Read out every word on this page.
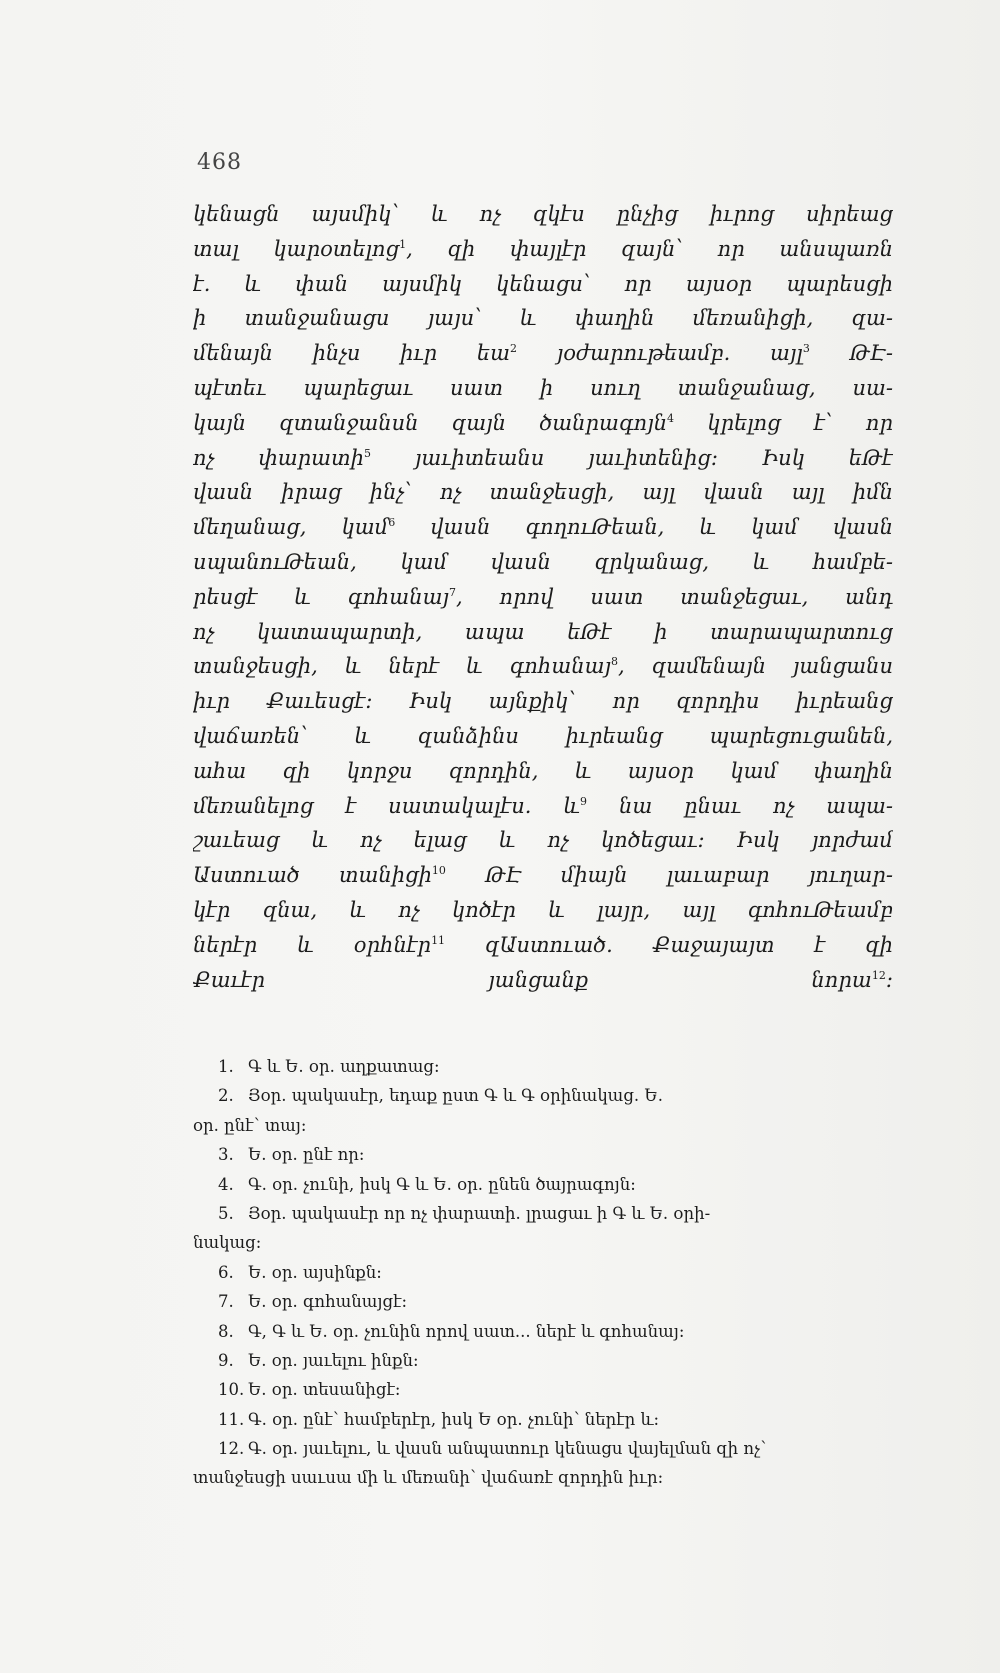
468
կենացն այսմիկ՝ և ոչ զկէս ընչից իւրոց սիրեաց
տալ կարօտելոց$^1$, զի փայլէր զայն՝ որ անսպառն
է. և փան այսմիկ կենացս՝ որ այսօր պարեսցի
ի տանջանացս յայս՝ և փաղին մեռանիցի, զա-
մենայն ինչս իւր եա$^2$ յօժարութեամբ. այլ$^3$ ԹԷ-
պէտեւ պարեցաւ սատ ի սուղ տանջանաց, սա-
կայն զտանջանսն զայն ծանրագոյն$^4$ կրելոց է՝ որ
ոչ փարատի$^5$ յաւիտեանս յաւիտենից։ Իսկ եԹէ
վասն իրաց ինչ՝ ոչ տանջեսցի, այլ վասն այլ իմն
մեղանաց, կամ$^6$ վասն գողուԹեան, և կամ վասն
սպանուԹեան, կամ վասն զրկանաց, և համբե-
րեսցէ և գոհանայ$^7$, որով սատ տանջեցաւ, անդ
ոչ կատապարտի, ապա եԹէ ի տարապարտուց
տանջեսցի, և ներէ և գոհանայ$^8$, զամենայն յանցանս
իւր Քաւեսցէ։ Իսկ այնքիկ՝ որ զորդիս իւրեանց
վաճառեն՝ և զանձինս իւրեանց պարեցուցանեն,
ահա զի կորջս զորդին, և այսօր կամ փաղին
մեռանելոց է սատակալէս. և$^9$ նա ընաւ ոչ ապա-
շաւեաց և ոչ ելաց և ոչ կոծեցաւ։ Իսկ յորժամ
Աստուած տանիցի$^{10}$ ԹԷ միայն լաւաբար յուղար-
կէր զնա, և ոչ կոծէր և լայր, այլ գոհուԹեամբ
ներէր և օրհնէր$^{11}$ զԱստուած. Քաջայայտ է զի
Քաւէր յանցանք նորա$^{12}$։
1. Գ և Ե. օր. աղքատաց։
2. Յօր. պակասէր, եդաք ըստ Գ և Գ օրինակաց. Ե.
օր. ընէ՝ տայ։
3. Ե. օր. ընէ որ։
4. Գ. օր. չունի, իսկ Գ և Ե. օր. ընեն ծայրագոյն։
5. Յօր. պակասէր որ ոչ փարատի. լրացաւ ի Գ և Ե. օրի-
նակաց։
6. Ե. օր. այսինքն։
7. Ե. օր. գոհանայցէ։
8. Գ, Գ և Ե. օր. չունին որով սատ... ներէ և գոհանայ։
9. Ե. օր. յաւելու ինքն։
10. Ե. օր. տեսանիցէ։
11. Գ. օր. ընէ՝ համբերէր, իսկ Ե օր. չունի՝ ներէր և։
12. Գ. օր. յաւելու, և վասն անպատուր կենացս վայելման զի ոչ՝
տանջեսցի սաւսա մի և մեռանի՝ վաճառէ զորդին իւր։
